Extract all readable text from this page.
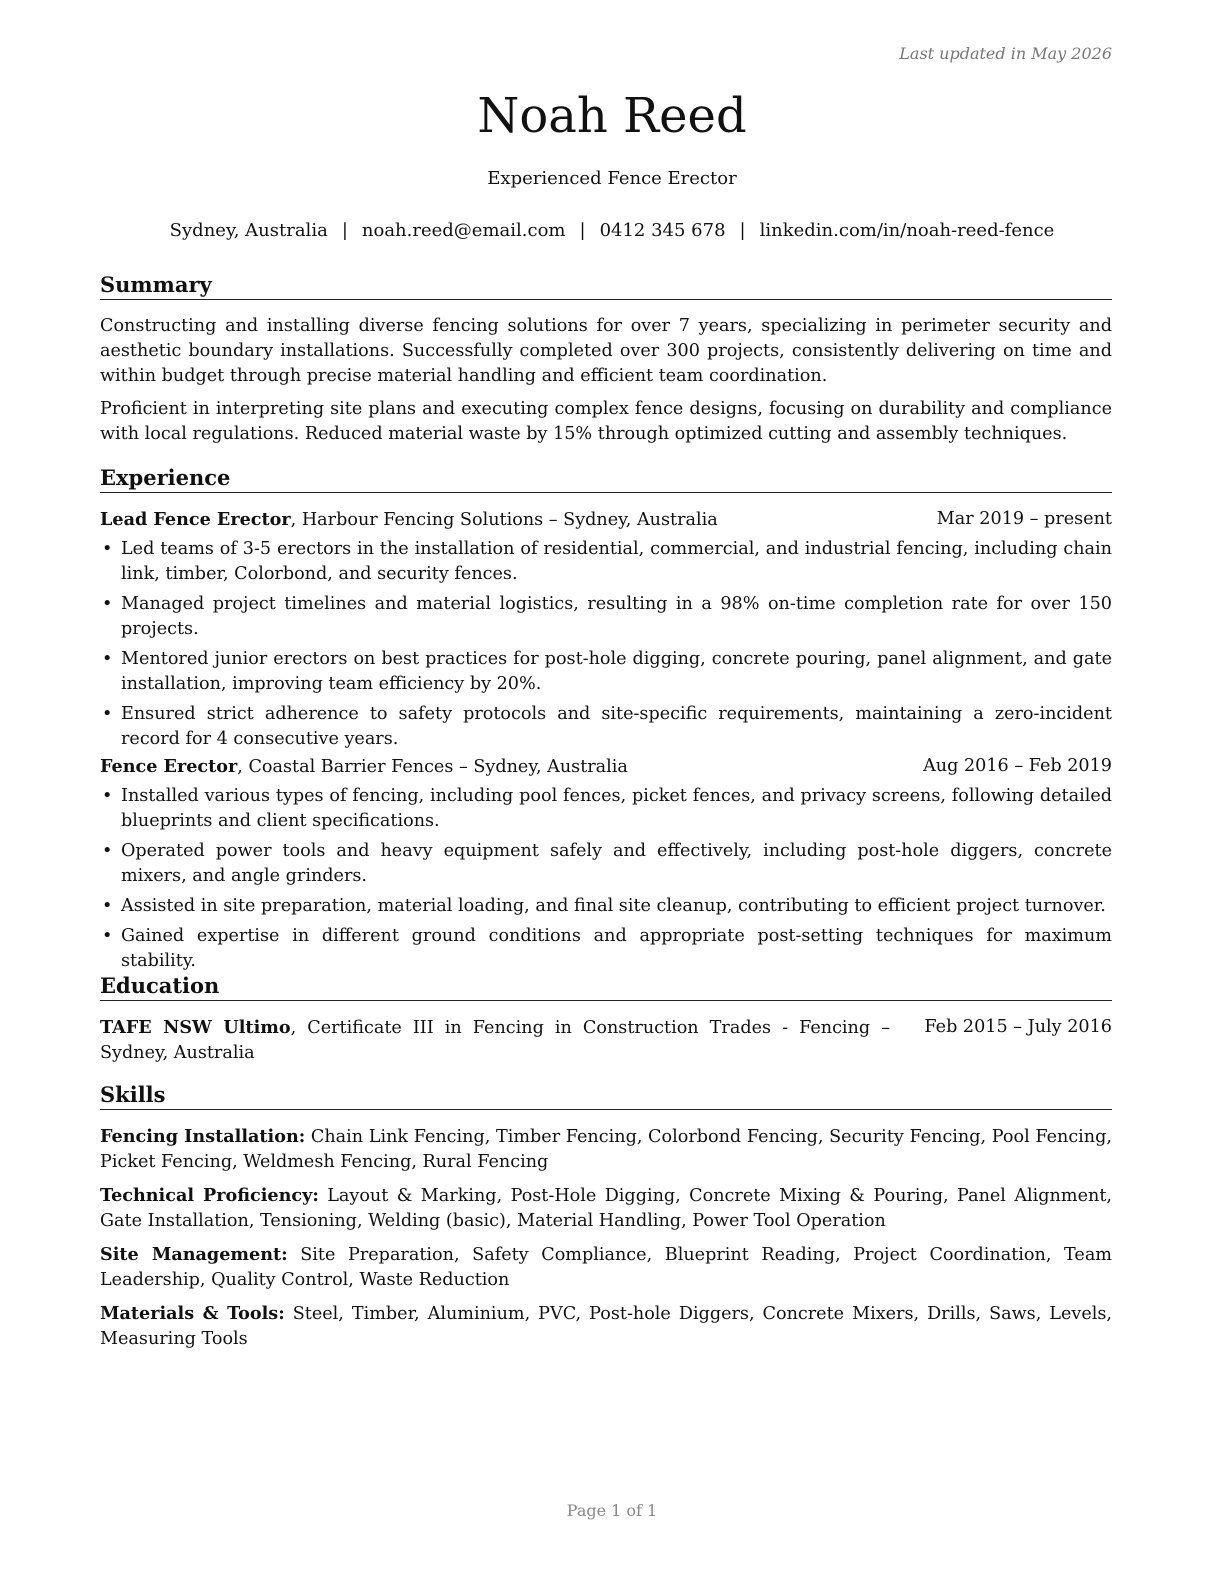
Last updated in May 2026
Noah Reed
Experienced Fence Erector
Sydney, Australia | noah.reed@email.com | 0412 345 678 | linkedin.com/in/noah-reed-fence
Summary

Constructing and installing diverse fencing solutions for over 7 years, specializing in perimeter security and aesthetic boundary installations. Successfully completed over 300 projects, consistently delivering on time and within budget through precise material handling and efficient team coordination.

Proficient in interpreting site plans and executing complex fence designs, focusing on durability and compliance with local regulations. Reduced material waste by 15% through optimized cutting and assembly techniques.

Experience
Lead Fence Erector, Harbour Fencing Solutions – Sydney, Australia	Mar 2019 – present
• Led teams of 3-5 erectors in the installation of residential, commercial, and industrial fencing, including chain link, timber, Colorbond, and security fences.
• Managed project timelines and material logistics, resulting in a 98% on-time completion rate for over 150 projects.
• Mentored junior erectors on best practices for post-hole digging, concrete pouring, panel alignment, and gate installation, improving team efficiency by 20%.
• Ensured strict adherence to safety protocols and site-specific requirements, maintaining a zero-incident record for 4 consecutive years.
Fence Erector, Coastal Barrier Fences – Sydney, Australia	Aug 2016 – Feb 2019
• Installed various types of fencing, including pool fences, picket fences, and privacy screens, following detailed blueprints and client specifications.
• Operated power tools and heavy equipment safely and effectively, including post-hole diggers, concrete mixers, and angle grinders.
• Assisted in site preparation, material loading, and final site cleanup, contributing to efficient project turnover.
• Gained expertise in different ground conditions and appropriate post-setting techniques for maximum stability.
Education
TAFE NSW Ultimo, Certificate III in Fencing in Construction Trades - Fencing – Sydney, Australia
Feb 2015 – July 2016
Skills

Fencing Installation: Chain Link Fencing, Timber Fencing, Colorbond Fencing, Security Fencing, Pool Fencing, Picket Fencing, Weldmesh Fencing, Rural Fencing

Technical Proficiency: Layout & Marking, Post-Hole Digging, Concrete Mixing & Pouring, Panel Alignment, Gate Installation, Tensioning, Welding (basic), Material Handling, Power Tool Operation

Site Management: Site Preparation, Safety Compliance, Blueprint Reading, Project Coordination, Team Leadership, Quality Control, Waste Reduction

Materials & Tools: Steel, Timber, Aluminium, PVC, Post-hole Diggers, Concrete Mixers, Drills, Saws, Levels, Measuring Tools

Page 1 of 1
